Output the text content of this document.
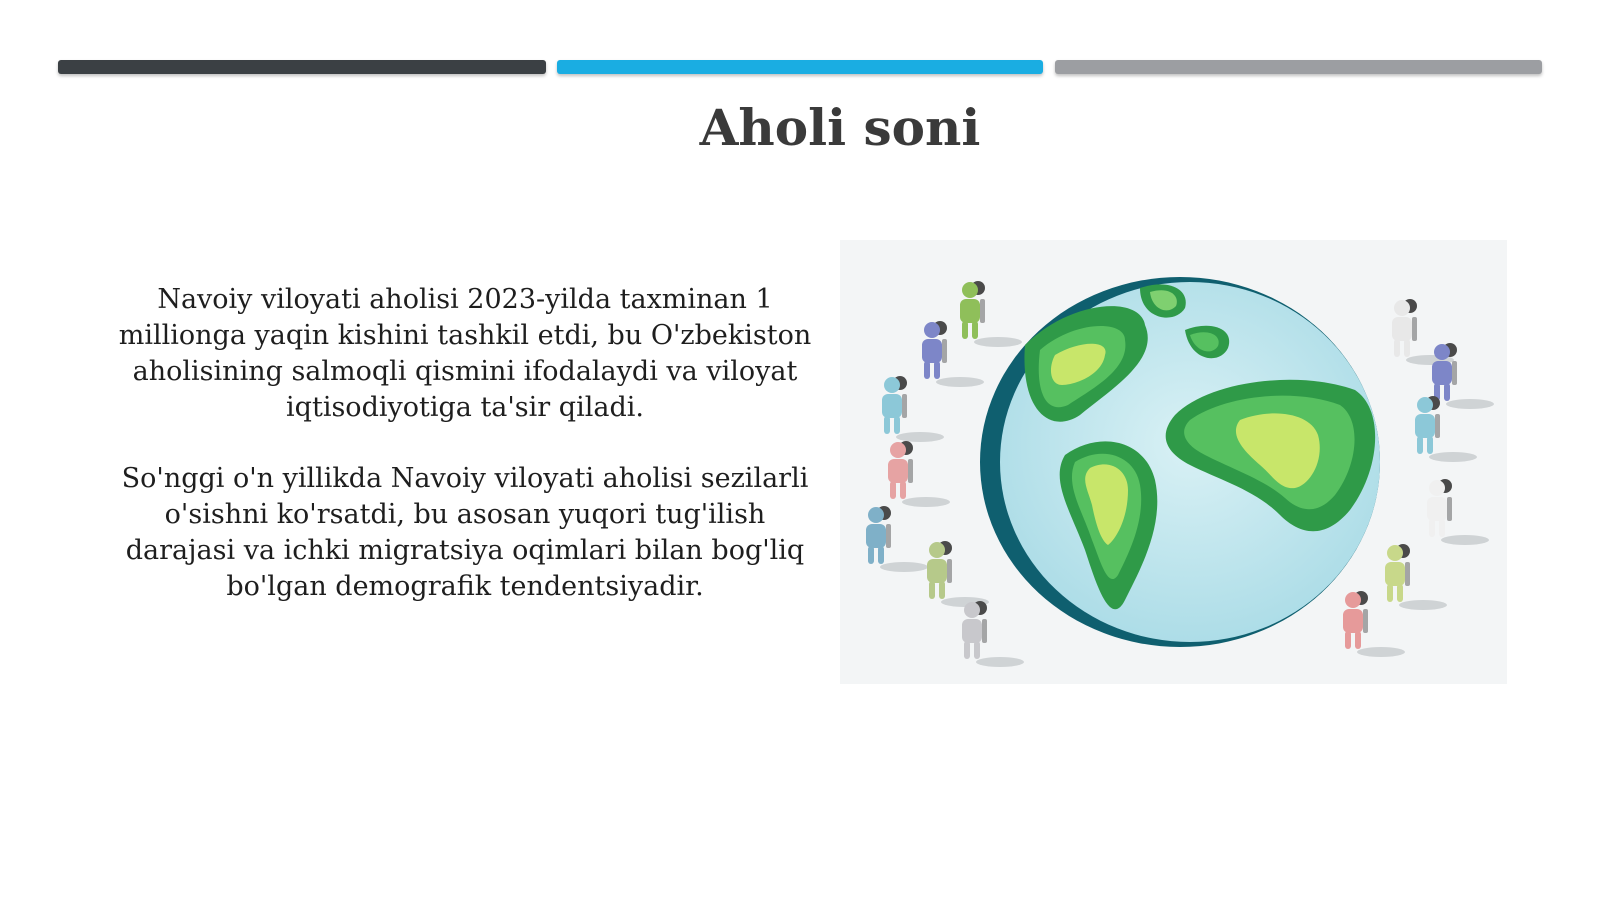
Aholi soni

Navoiy viloyati aholisi 2023-yilda taxminan 1 millionga yaqin kishini tashkil etdi, bu O'zbekiston aholisining salmoqli qismini ifodalaydi va viloyat iqtisodiyotiga ta'sir qiladi.

So'nggi o'n yillikda Navoiy viloyati aholisi sezilarli o'sishni ko'rsatdi, bu asosan yuqori tug'ilish darajasi va ichki migratsiya oqimlari bilan bog'liq bo'lgan demografik tendentsiyadir.
